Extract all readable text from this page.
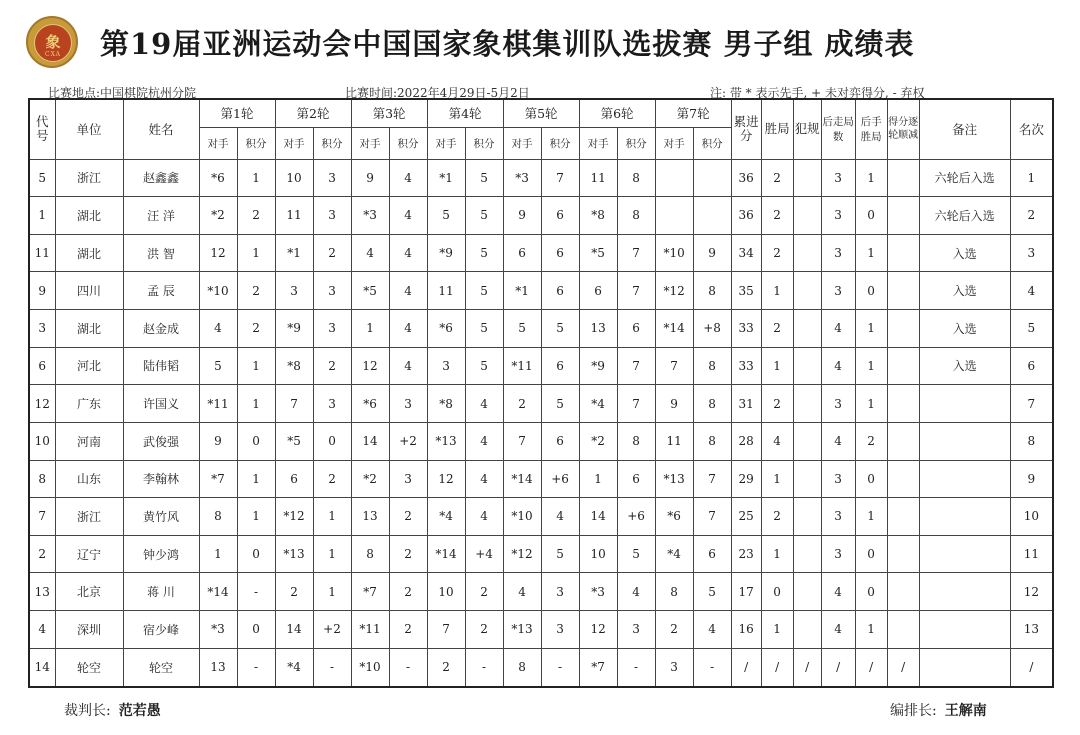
象
CXA	第19届亚洲运动会中国国家象棋集训队选拔赛 男子组 成绩表
比赛地点:中国棋院杭州分院	比赛时间:2022年4月29日-5月2日	注: 带 * 表示先手, + 未对弈得分, - 弃权
代号	单位	姓名	第1轮		第2轮		第3轮		第4轮		第5轮		第6轮		第7轮		累进分	胜局	犯规	后走局数	后手胜局	得分逐轮顺减	备注	名次
			对手	积分	对手	积分	对手	积分	对手	积分	对手	积分	对手	积分	对手	积分								
5	浙江	赵鑫鑫	*6	1	10	3	9	4	*1	5	*3	7	11	8			36	2		3	1		六轮后入选	1
1	湖北	汪 洋	*2	2	11	3	*3	4	5	5	9	6	*8	8			36	2		3	0		六轮后入选	2
11	湖北	洪 智	12	1	*1	2	4	4	*9	5	6	6	*5	7	*10	9	34	2		3	1		入选	3
9	四川	孟 辰	*10	2	3	3	*5	4	11	5	*1	6	6	7	*12	8	35	1		3	0		入选	4
3	湖北	赵金成	4	2	*9	3	1	4	*6	5	5	5	13	6	*14	+8	33	2		4	1		入选	5
6	河北	陆伟韬	5	1	*8	2	12	4	3	5	*11	6	*9	7	7	8	33	1		4	1		入选	6
12	广东	许国义	*11	1	7	3	*6	3	*8	4	2	5	*4	7	9	8	31	2		3	1			7
10	河南	武俊强	9	0	*5	0	14	+2	*13	4	7	6	*2	8	11	8	28	4		4	2			8
8	山东	李翰林	*7	1	6	2	*2	3	12	4	*14	+6	1	6	*13	7	29	1		3	0			9
7	浙江	黄竹风	8	1	*12	1	13	2	*4	4	*10	4	14	+6	*6	7	25	2		3	1			10
2	辽宁	钟少鸿	1	0	*13	1	8	2	*14	+4	*12	5	10	5	*4	6	23	1		3	0			11
13	北京	蒋 川	*14	-	2	1	*7	2	10	2	4	3	*3	4	8	5	17	0		4	0			12
4	深圳	宿少峰	*3	0	14	+2	*11	2	7	2	*13	3	12	3	2	4	16	1		4	1			13
14	轮空	轮空	13	-	*4	-	*10	-	2	-	8	-	*7	-	3	-	/	/	/	/	/	/		/
裁判长: 范若愚	编排长: 王解南
